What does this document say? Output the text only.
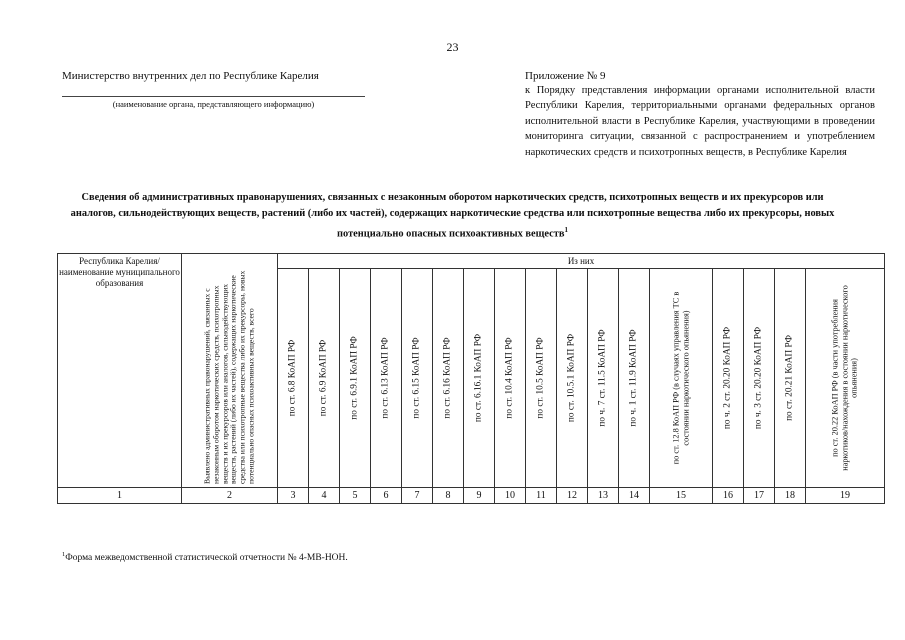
23
Министерство внутренних дел по Республике Карелия
(наименование органа, представляющего информацию)
Приложение № 9
к Порядку представления информации органами исполнительной власти Республики Карелия, территориальными органами федеральных органов исполнительной власти в Республике Карелия, участвующими в проведении мониторинга ситуации, связанной с распространением и употреблением наркотических средств и психотропных веществ, в Республике Карелия
Сведения об административных правонарушениях, связанных с незаконным оборотом наркотических средств, психотропных веществ и их прекурсоров или аналогов, сильнодействующих веществ, растений (либо их частей), содержащих наркотические средства или психотропные вещества либо их прекурсоры, новых потенциально опасных психоактивных веществ$^1$
Республика Карелия/ наименование муниципального образования	Выявлено административных правонарушений, связанных с незаконным оборотом наркотических средств, психотропных веществ и их прекурсоров или аналогов, сильнодействующих веществ, растений (либо их частей), содержащих наркотические средства или психотропные вещества либо их прекурсоры, новых потенциально опасных психоактивных веществ, всего	Из них																

		по ст. 6.8 КоАП РФ	по ст. 6.9 КоАП РФ	по ст. 6.9.1 КоАП РФ	по ст. 6.13 КоАП РФ	по ст. 6.15 КоАП РФ	по ст. 6.16 КоАП РФ	по ст. 6.16.1 КоАП РФ	по ст. 10.4 КоАП РФ	по ст. 10.5 КоАП РФ	по ст. 10.5.1 КоАП РФ	по ч. 7 ст. 11.5 КоАП РФ	по ч. 1 ст. 11.9 КоАП РФ	по ст. 12.8 КоАП РФ (в случаях управления ТС в состоянии наркотического опьянения)	по ч. 2 ст. 20.20 КоАП РФ	по ч. 3 ст. 20.20 КоАП РФ	по ст. 20.21 КоАП РФ	по ст. 20.22 КоАП РФ (в части употребления наркотиков/нахождения в состоянии наркотического опьянения)

1	2	3	4	5	6	7	8	9	10	11	12	13	14	15	16	17	18	19
$^1$Форма межведомственной статистической отчетности № 4-МВ-НОН.
